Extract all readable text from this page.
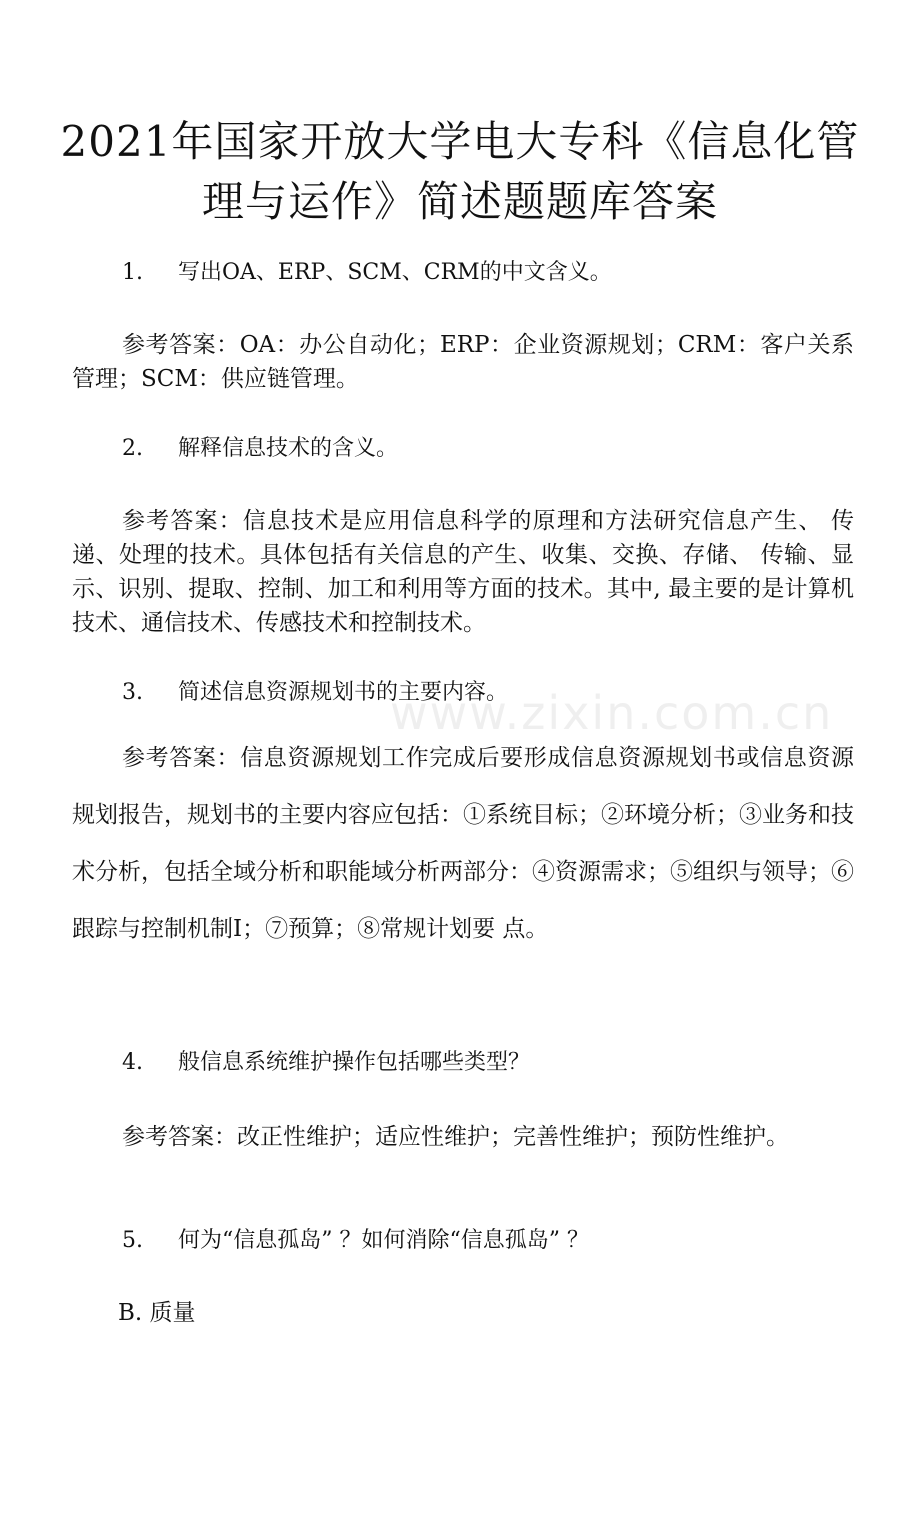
2021年国家开放大学电大专科《信息化管理与运作》简述题题库答案
www.zixin.com.cn
1. 写出OA、ERP、SCM、CRM的中文含义。
参考答案：OA：办公自动化；ERP：企业资源规划；CRM：客户关系管理；SCM：供应链管理。
2. 解释信息技术的含义。
参考答案：信息技术是应用信息科学的原理和方法研究信息产生、 传递、处理的技术。具体包括有关信息的产生、收集、交换、存储、 传输、显示、识别、提取、控制、加工和利用等方面的技术。其中, 最主要的是计算机技术、通信技术、传感技术和控制技术。
3. 简述信息资源规划书的主要内容。
参考答案：信息资源规划工作完成后要形成信息资源规划书或信息资源规划报告，规划书的主要内容应包括：①系统目标；②环境分析；③业务和技术分析，包括全域分析和职能域分析两部分：④资源需求；⑤组织与领导；⑥跟踪与控制机制I；⑦预算；⑧常规计划要 点。
4. 般信息系统维护操作包括哪些类型？
参考答案：改正性维护；适应性维护；完善性维护；预防性维护。
5. 何为“信息孤岛” ？如何消除“信息孤岛” ？
B. 质量
